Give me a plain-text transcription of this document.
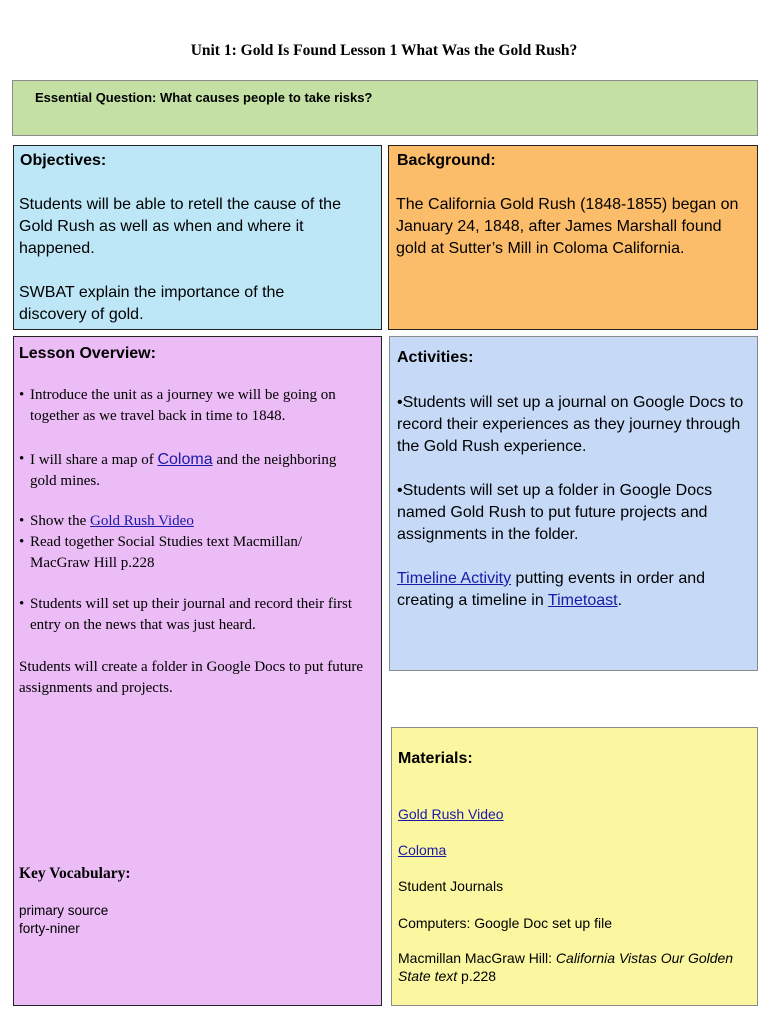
Unit 1: Gold Is Found Lesson 1 What Was the Gold Rush?
Essential Question: What causes people to take risks?
Objectives:
Students will be able to retell the cause of the Gold Rush as well as when and where it happened.
SWBAT explain the importance of the discovery of gold.
Background:
The California Gold Rush (1848-1855) began on January 24, 1848, after James Marshall found gold at Sutter’s Mill in Coloma California.
Lesson Overview:
• Introduce the unit as a journey we will be going on together as we travel back in time to 1848.
• I will share a map of Coloma and the neighboring gold mines.
• Show the Gold Rush Video
• Read together Social Studies text Macmillan/ MacGraw Hill p.228
• Students will set up their journal and record their first entry on the news that was just heard.
Students will create a folder in Google Docs to put future assignments and projects.
Key Vocabulary:
primary source
forty-niner
Activities:
•Students will set up a journal on Google Docs to record their experiences as they journey through the Gold Rush experience.
•Students will set up a folder in Google Docs named Gold Rush to put future projects and assignments in the folder.
Timeline Activity putting events in order and creating a timeline in Timetoast.
Materials:
Gold Rush Video
Coloma
Student Journals
Computers: Google Doc set up file
Macmillan MacGraw Hill: California Vistas Our Golden State text p.228
